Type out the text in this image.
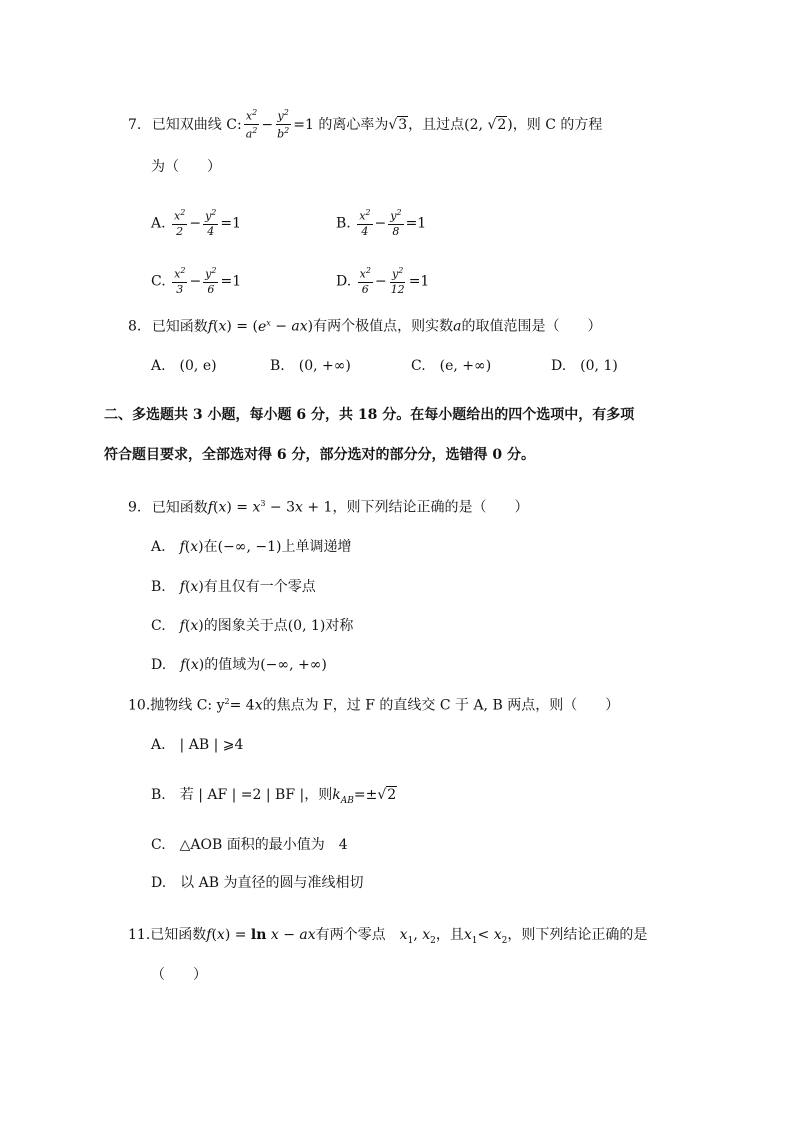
7. 已知双曲线 C: $\frac{x^2}{a^2} - \frac{y^2}{b^2} =1$ 的离心率为√3，且过点(2, √2)，则 C 的方程
为（　　）
A. $\frac{x^2}{2} - \frac{y^2}{4} =1$	B. $\frac{x^2}{4} - \frac{y^2}{8} =1$
C. $\frac{x^2}{3} - \frac{y^2}{6} =1$	D. $\frac{x^2}{6} - \frac{y^2}{12} =1$
8. 已知函数$f(x) = (e^x - ax)$有两个极值点，则实数a的取值范围是（　　）
A.　(0, e)	B.　(0, +∞)	C.　(e, +∞)	D.　(0, 1)
二、多选题共 3 小题，每小题 6 分，共 18 分。在每小题给出的四个选项中，有多项
符合题目要求，全部选对得 6 分，部分选对的部分分，选错得 0 分。
9. 已知函数$f(x) = x^3 - 3x + 1$，则下列结论正确的是（　　）
A.　f(x)在(−∞, −1)上单调递增
B.　f(x)有且仅有一个零点
C.　f(x)的图象关于点(0, 1)对称
D.　f(x)的值域为(−∞, +∞)
10.抛物线 C: $y^2= 4x$的焦点为 F，过 F 的直线交 C 于 A, B 两点，则（　　）
A.　| AB | ⩾4
B.　若 | AF | =2 | BF |，则$k_{AB}=\pm√2$
C.　△AOB 面积的最小值为　4
D.　以 AB 为直径的圆与准线相切
11.已知函数f(x) = ln x − ax有两个零点　 $x_1$, $x_2$，且$x_1< x_2$，则下列结论正确的是
（　　）
